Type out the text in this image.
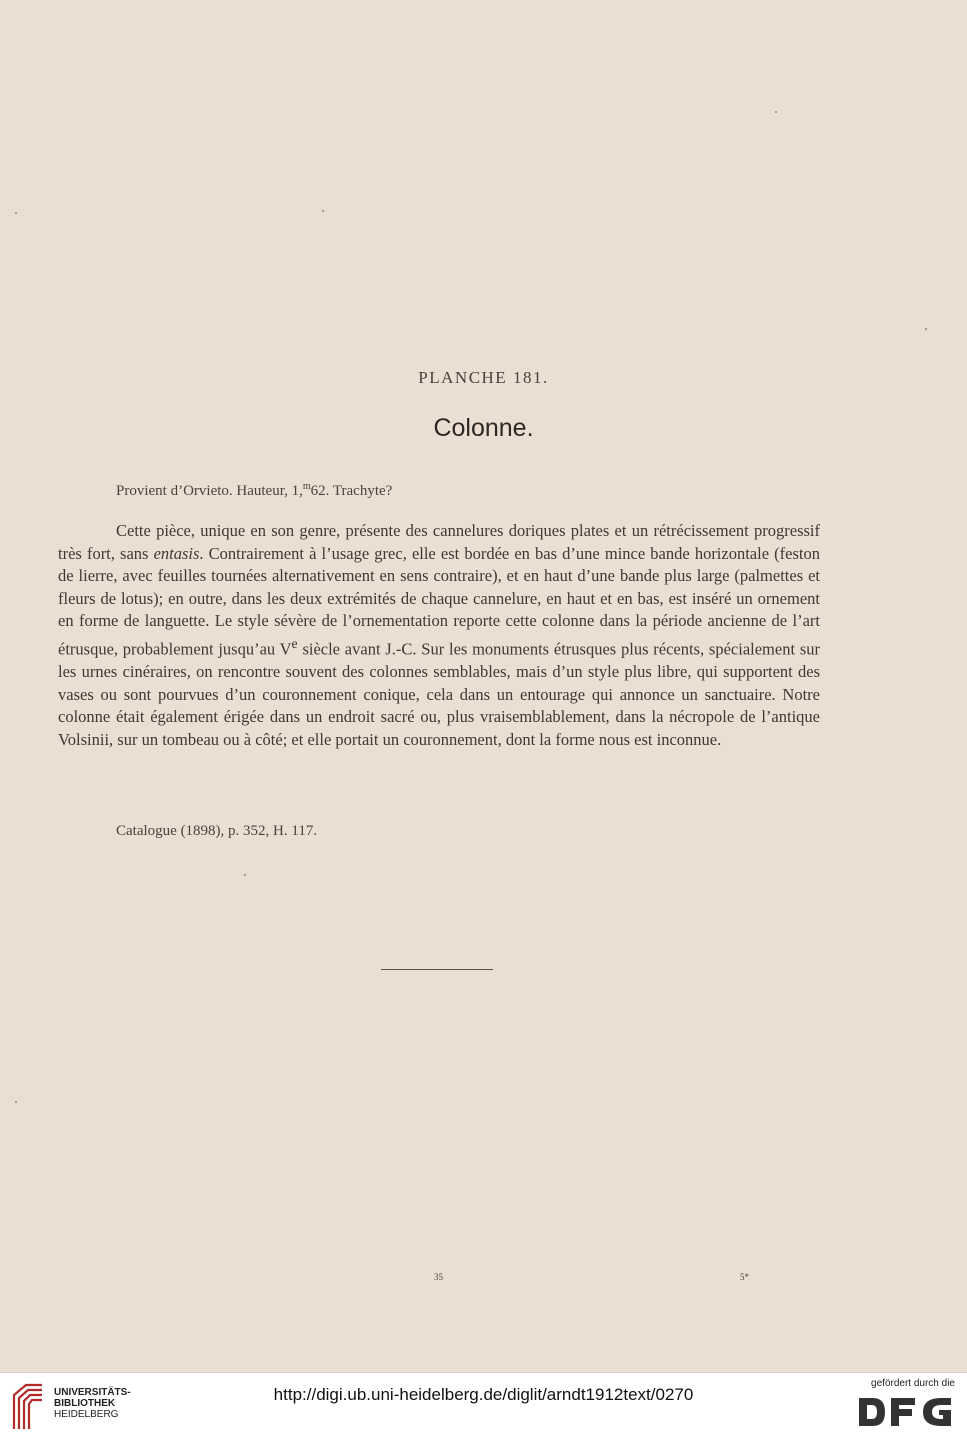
PLANCHE 181.
Colonne.
Provient d’Orvieto. Hauteur, 1,$^m$62. Trachyte?

Cette pièce, unique en son genre, présente des cannelures doriques plates et un rétrécissement progressif très fort, sans entasis. Contrairement à l’usage grec, elle est bordée en bas d’une mince bande horizontale (feston de lierre, avec feuilles tournées alternativement en sens contraire), et en haut d’une bande plus large (palmettes et fleurs de lotus); en outre, dans les deux extrémités de chaque cannelure, en haut et en bas, est inséré un ornement en forme de languette. Le style sévère de l’ornementation reporte cette colonne dans la période ancienne de l’art étrusque, probablement jusqu’au Ve siècle avant J.-C. Sur les monuments étrusques plus récents, spécialement sur les urnes cinéraires, on rencontre souvent des colonnes semblables, mais d’un style plus libre, qui supportent des vases ou sont pourvues d’un couronnement conique, cela dans un entourage qui annonce un sanctuaire. Notre colonne était également érigée dans un endroit sacré ou, plus vraisemblablement, dans la nécropole de l’antique Volsinii, sur un tombeau ou à côté; et elle portait un couronnement, dont la forme nous est inconnue.

Catalogue (1898), p. 352, H. 117.
35	5*
UNIVERSITÄTS-
BIBLIOTHEK
HEIDELBERG
http://digi.ub.uni-heidelberg.de/diglit/arndt1912text/0270
gefördert durch die
